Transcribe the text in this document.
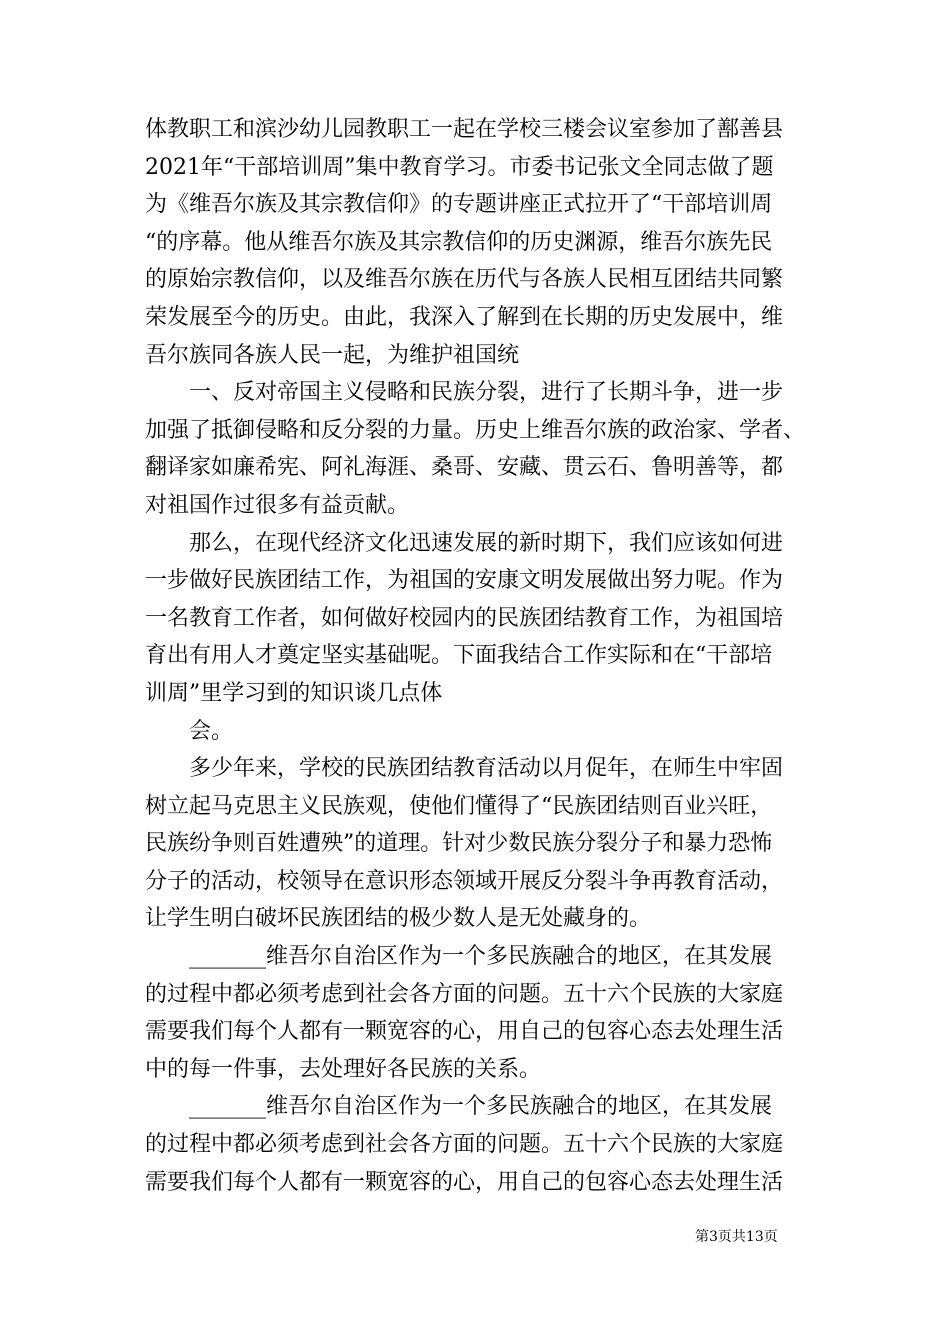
体教职工和滨沙幼儿园教职工一起在学校三楼会议室参加了鄯善县
2021年“干部培训周”集中教育学习。市委书记张文全同志做了题
为《维吾尔族及其宗教信仰》的专题讲座正式拉开了“干部培训周
“的序幕。他从维吾尔族及其宗教信仰的历史渊源，维吾尔族先民
的原始宗教信仰，以及维吾尔族在历代与各族人民相互团结共同繁
荣发展至今的历史。由此，我深入了解到在长期的历史发展中，维
吾尔族同各族人民一起，为维护祖国统
　　一、反对帝国主义侵略和民族分裂，进行了长期斗争，进一步
加强了抵御侵略和反分裂的力量。历史上维吾尔族的政治家、学者、
翻译家如廉希宪、阿礼海涯、桑哥、安藏、贯云石、鲁明善等，都
对祖国作过很多有益贡献。
　　那么，在现代经济文化迅速发展的新时期下，我们应该如何进
一步做好民族团结工作，为祖国的安康文明发展做出努力呢。作为
一名教育工作者，如何做好校园内的民族团结教育工作，为祖国培
育出有用人才奠定坚实基础呢。下面我结合工作实际和在“干部培
训周”里学习到的知识谈几点体
　　会。
　　多少年来，学校的民族团结教育活动以月促年，在师生中牢固
树立起马克思主义民族观，使他们懂得了“民族团结则百业兴旺，
民族纷争则百姓遭殃”的道理。针对少数民族分裂分子和暴力恐怖
分子的活动，校领导在意识形态领域开展反分裂斗争再教育活动，
让学生明白破坏民族团结的极少数人是无处藏身的。
　　_______维吾尔自治区作为一个多民族融合的地区，在其发展
的过程中都必须考虑到社会各方面的问题。五十六个民族的大家庭
需要我们每个人都有一颗宽容的心，用自己的包容心态去处理生活
中的每一件事，去处理好各民族的关系。
　　_______维吾尔自治区作为一个多民族融合的地区，在其发展
的过程中都必须考虑到社会各方面的问题。五十六个民族的大家庭
需要我们每个人都有一颗宽容的心，用自己的包容心态去处理生活
第3页共13页
